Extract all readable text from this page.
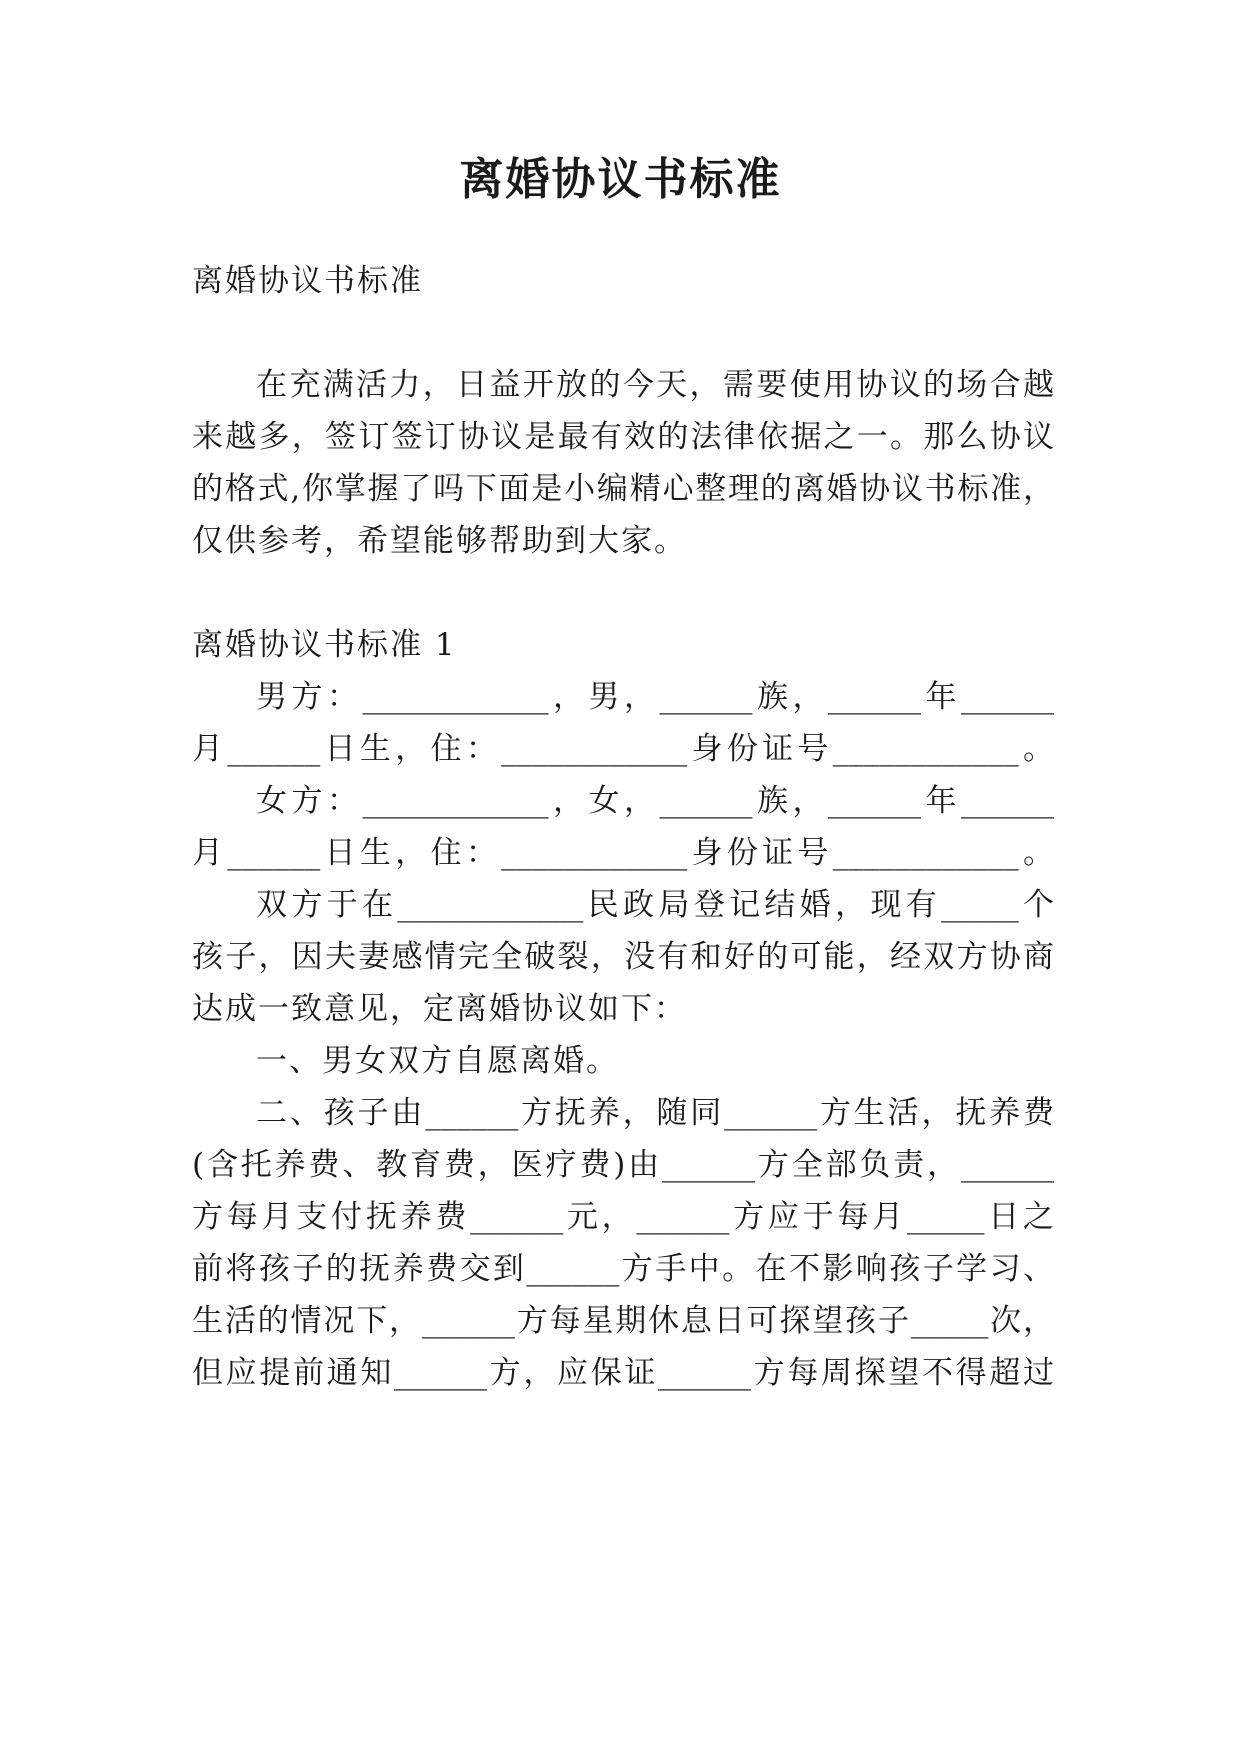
离婚协议书标准
离婚协议书标准
在充满活力，日益开放的今天，需要使用协议的场合越
来越多，签订签订协议是最有效的法律依据之一。那么协议
的格式,你掌握了吗下面是小编精心整理的离婚协议书标准，
仅供参考，希望能够帮助到大家。
离婚协议书标准 1
男方：____________，男，______族，______年______
月______日生，住：____________身份证号____________。
女方：____________，女，______族，______年______
月______日生，住：____________身份证号____________。
双方于在____________民政局登记结婚，现有_____个
孩子，因夫妻感情完全破裂，没有和好的可能，经双方协商
达成一致意见，定离婚协议如下：
一、男女双方自愿离婚。
二、孩子由______方抚养，随同______方生活，抚养费
(含托养费、教育费，医疗费)由______方全部负责，______
方每月支付抚养费______元，______方应于每月_____日之
前将孩子的抚养费交到______方手中。在不影响孩子学习、
生活的情况下，______方每星期休息日可探望孩子_____次，
但应提前通知______方，应保证______方每周探望不得超过
